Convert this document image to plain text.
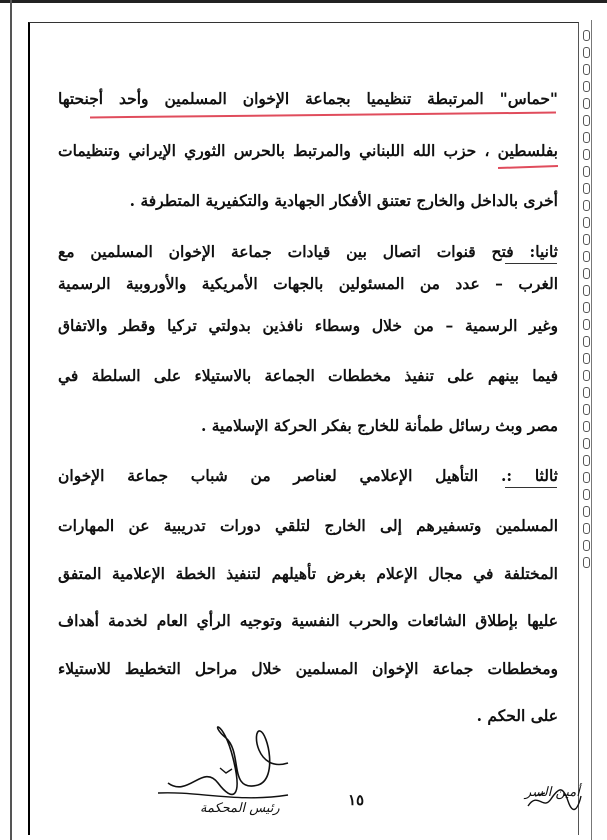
"حماس" المرتبطة تنظيميا بجماعة الإخوان المسلمين وأحد أجنحتها
بفلسطين ، حزب الله اللبناني والمرتبط بالحرس الثوري الإيراني وتنظيمات
أخرى بالداخل والخارج تعتنق الأفكار الجهادية والتكفيرية المتطرفة .
ثانيا: فتح قنوات اتصال بين قيادات جماعة الإخوان المسلمين مع
الغرب – عدد من المسئولين بالجهات الأمريكية والأوروبية الرسمية
وغير الرسمية – من خلال وسطاء نافذين بدولتي تركيا وقطر والاتفاق
فيما بينهم على تنفيذ مخططات الجماعة بالاستيلاء على السلطة في
مصر وبث رسائل طمأنة للخارج بفكر الحركة الإسلامية .
ثالثا :. التأهيل الإعلامي لعناصر من شباب جماعة الإخوان
المسلمين وتسفيرهم إلى الخارج لتلقي دورات تدريبية عن المهارات
المختلفة في مجال الإعلام بغرض تأهيلهم لتنفيذ الخطة الإعلامية المتفق
عليها بإطلاق الشائعات والحرب النفسية وتوجيه الرأي العام لخدمة أهداف
ومخططات جماعة الإخوان المسلمين خلال مراحل التخطيط للاستيلاء
على الحكم .
١٥
رئيس المحكمة
أمين السر
